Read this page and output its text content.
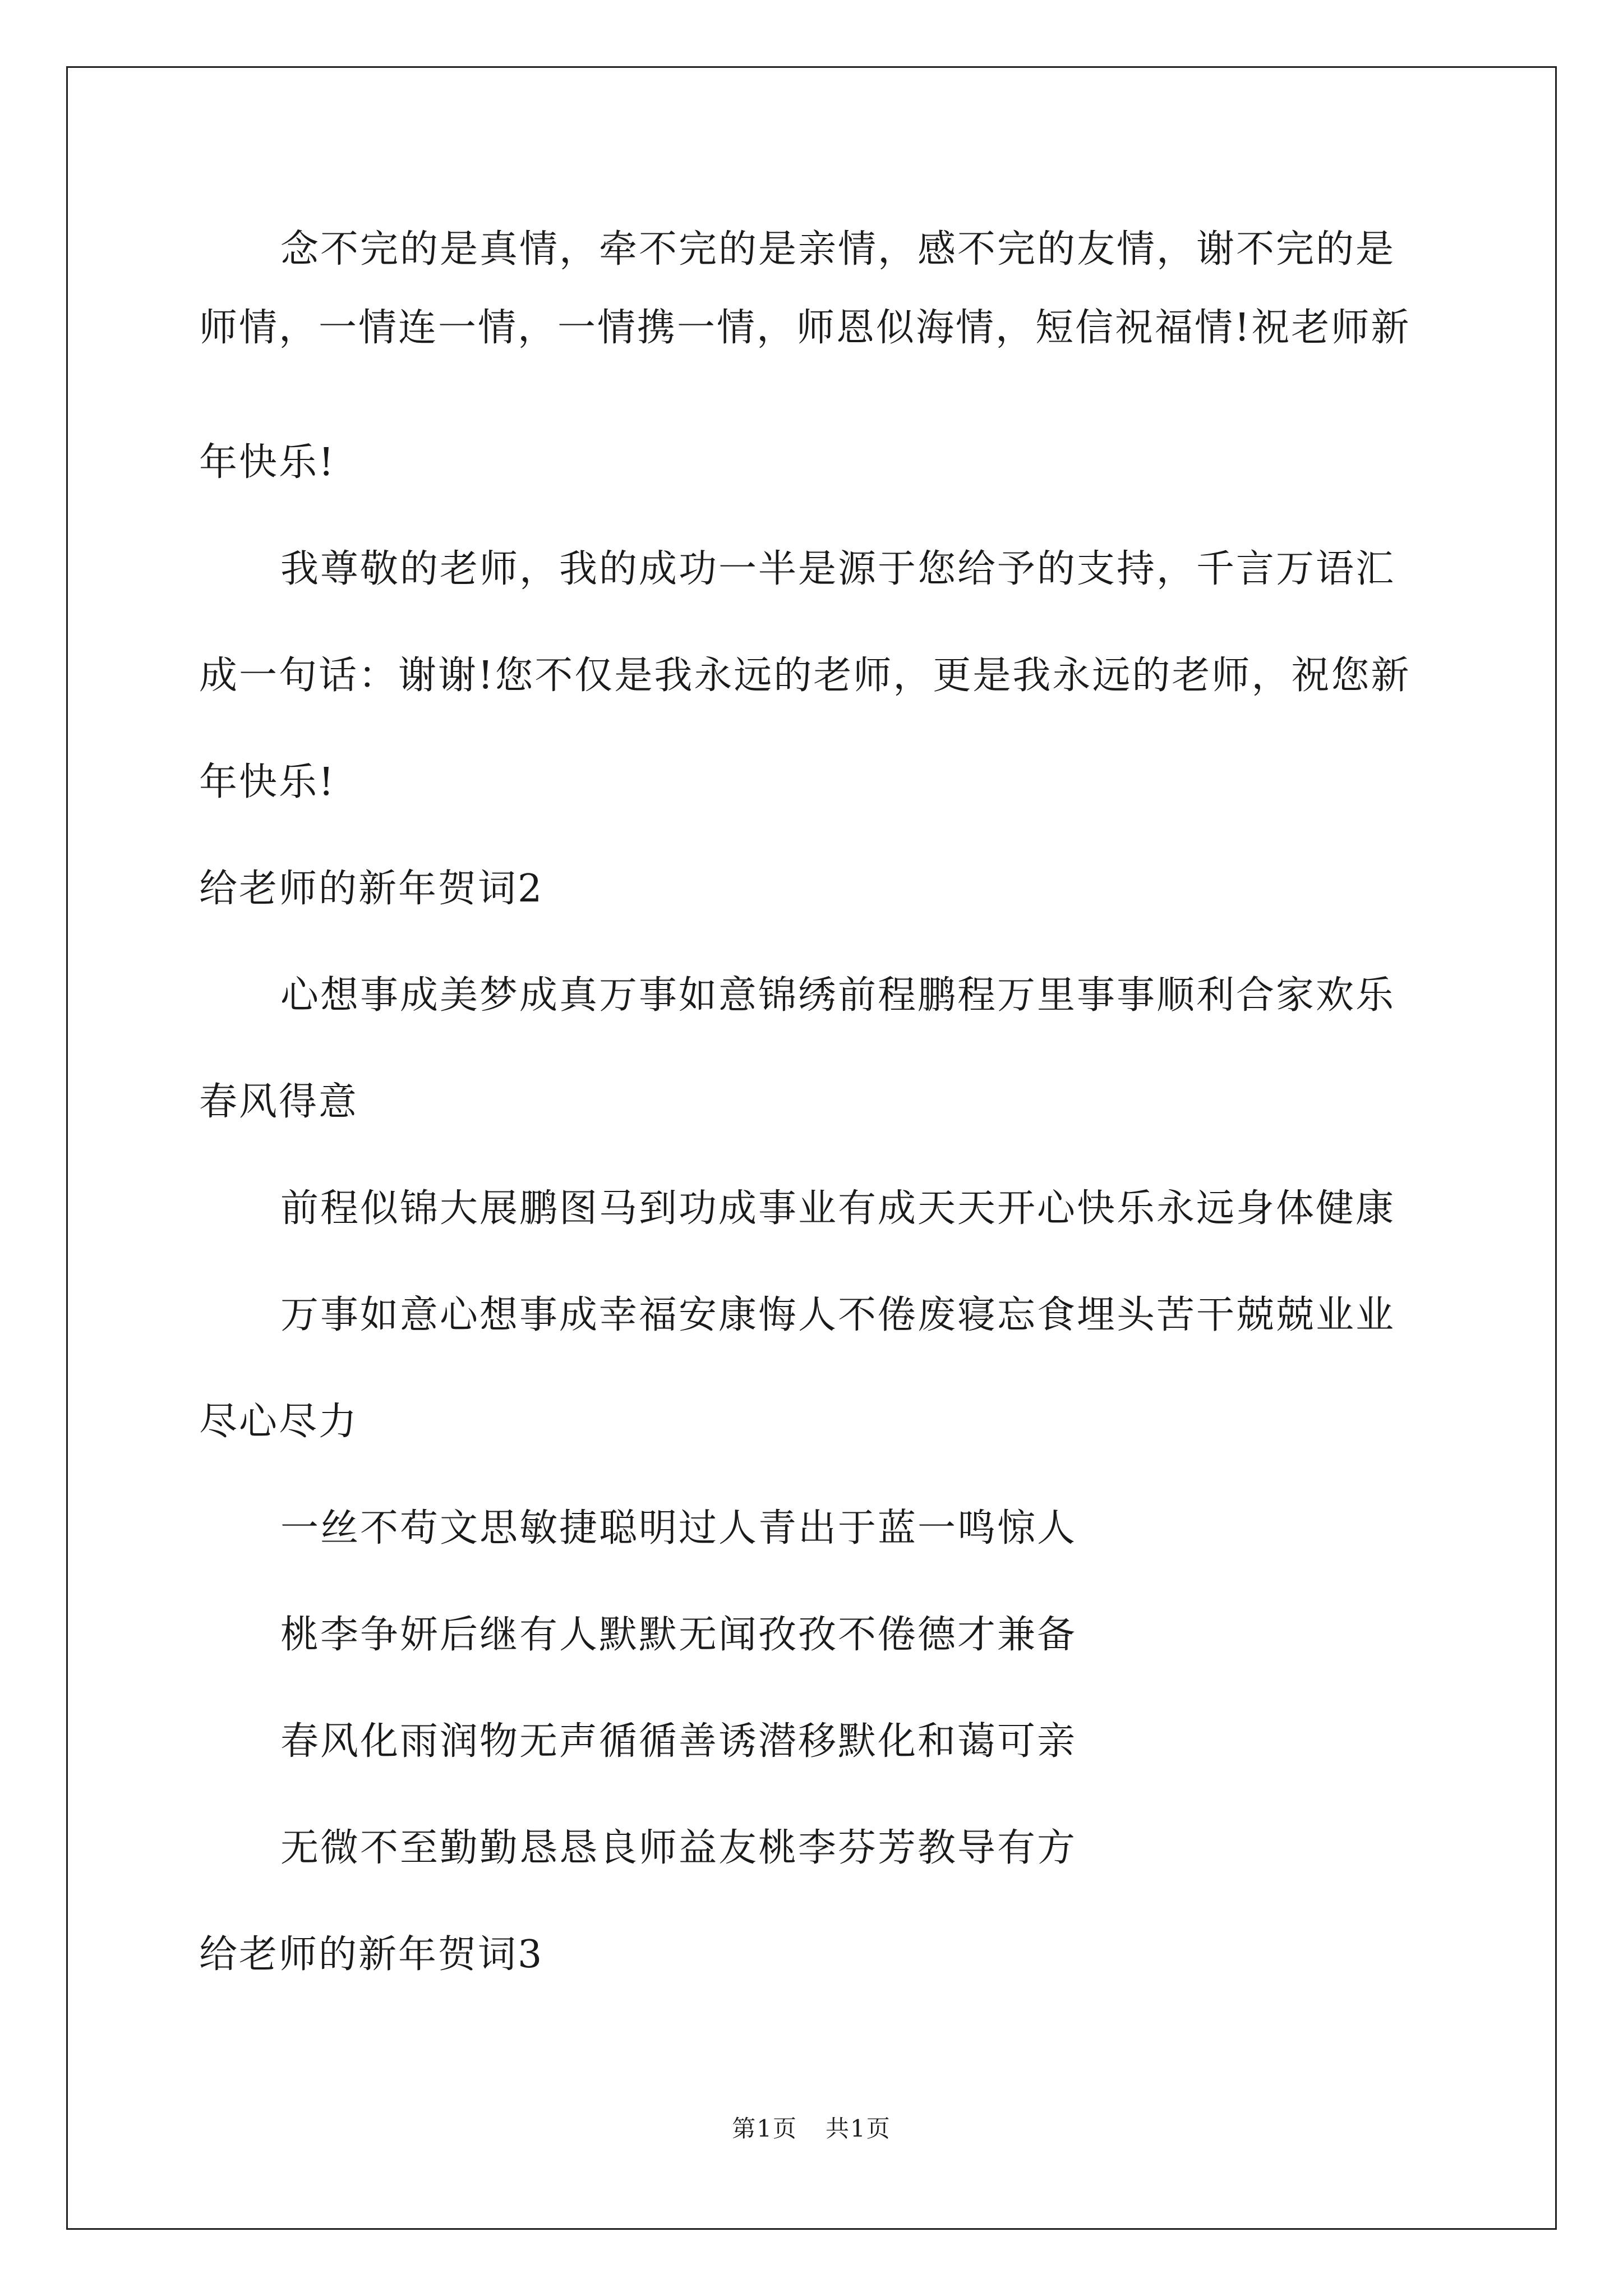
念不完的是真情，牵不完的是亲情，感不完的友情，谢不完的是
师情，一情连一情，一情携一情，师恩似海情，短信祝福情!祝老师新
年快乐!
我尊敬的老师，我的成功一半是源于您给予的支持，千言万语汇
成一句话：谢谢!您不仅是我永远的老师，更是我永远的老师，祝您新
年快乐!
给老师的新年贺词2
心想事成美梦成真万事如意锦绣前程鹏程万里事事顺利合家欢乐
春风得意
前程似锦大展鹏图马到功成事业有成天天开心快乐永远身体健康
万事如意心想事成幸福安康悔人不倦废寝忘食埋头苦干兢兢业业
尽心尽力
一丝不苟文思敏捷聪明过人青出于蓝一鸣惊人
桃李争妍后继有人默默无闻孜孜不倦德才兼备
春风化雨润物无声循循善诱潜移默化和蔼可亲
无微不至勤勤恳恳良师益友桃李芬芳教导有方
给老师的新年贺词3
第1页 共1页
